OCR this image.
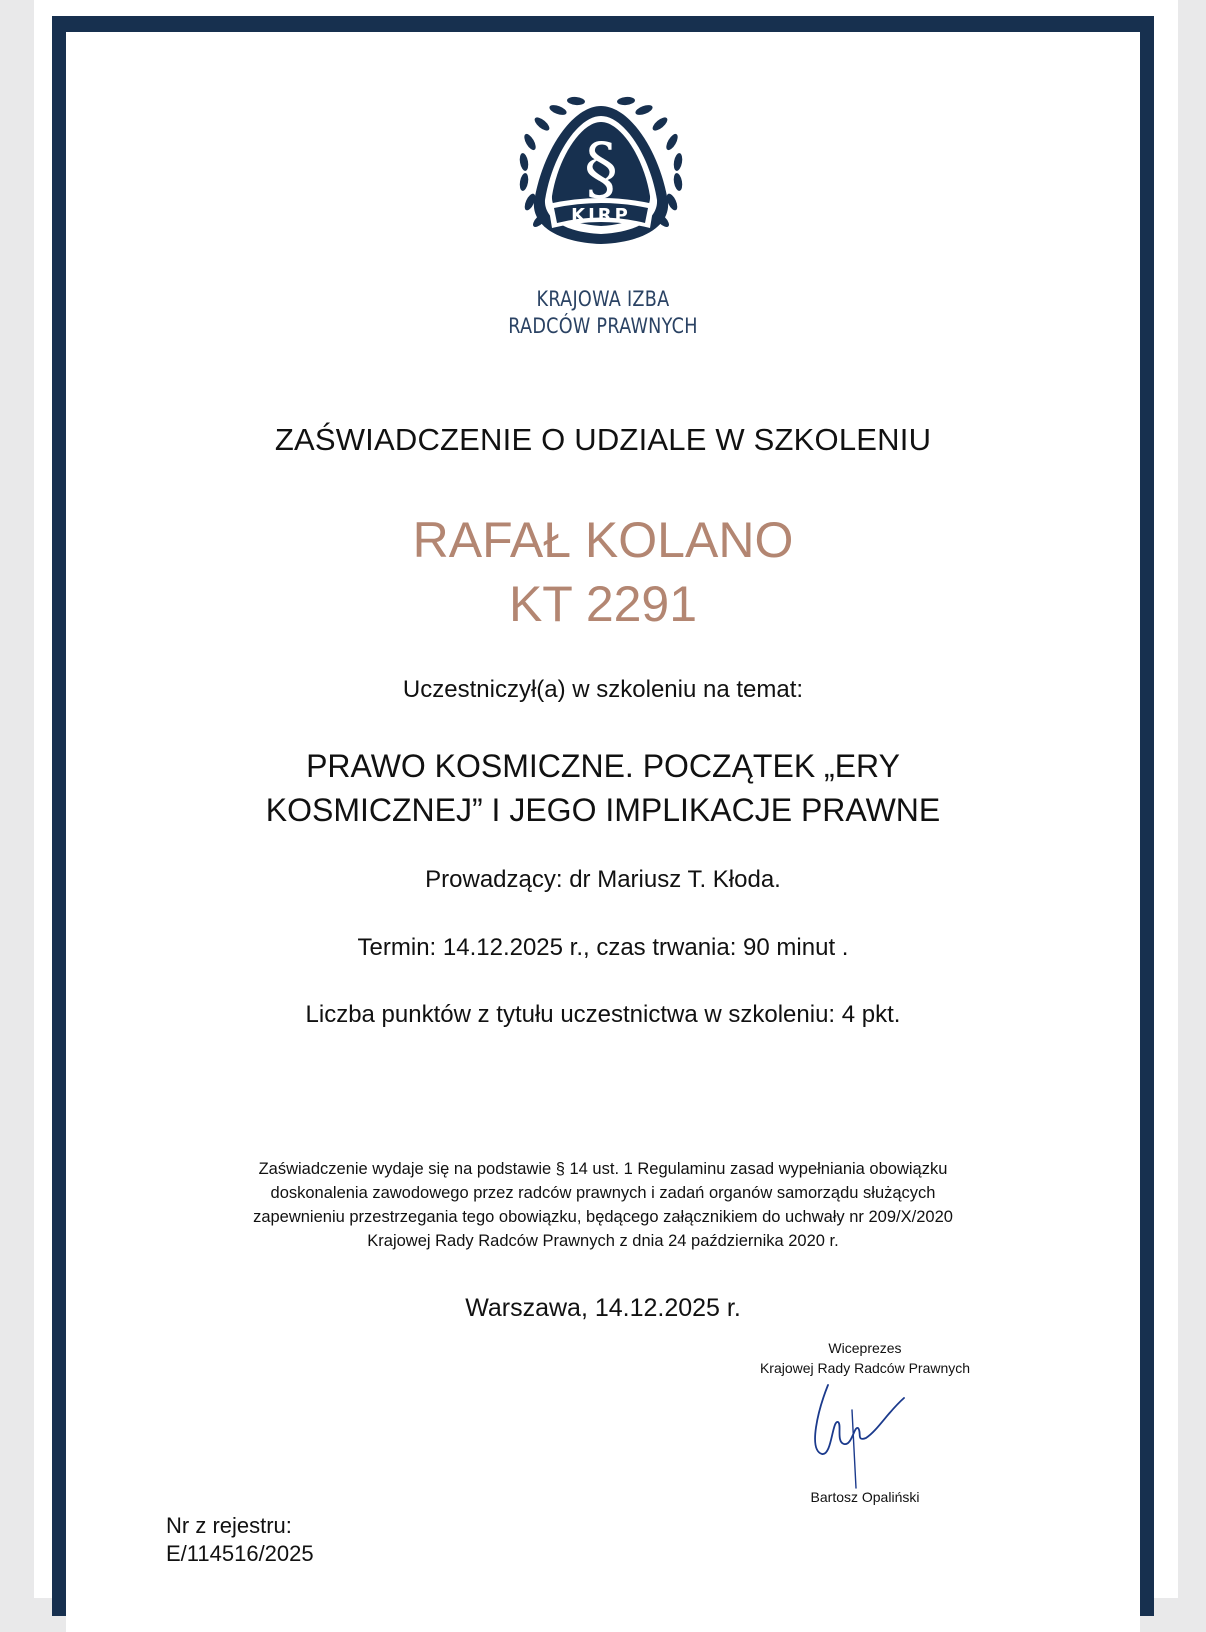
KIRP
§
KRAJOWA IZBA
RADCÓW PRAWNYCH
ZAŚWIADCZENIE O UDZIALE W SZKOLENIU
RAFAŁ KOLANO
KT 2291
Uczestniczył(a) w szkoleniu na temat:
PRAWO KOSMICZNE. POCZĄTEK „ERY
KOSMICZNEJ” I JEGO IMPLIKACJE PRAWNE
Prowadzący: dr Mariusz T. Kłoda.
Termin: 14.12.2025 r., czas trwania: 90 minut .
Liczba punktów z tytułu uczestnictwa w szkoleniu: 4 pkt.
Zaświadczenie wydaje się na podstawie § 14 ust. 1 Regulaminu zasad wypełniania obowiązku
doskonalenia zawodowego przez radców prawnych i zadań organów samorządu służących
zapewnieniu przestrzegania tego obowiązku, będącego załącznikiem do uchwały nr 209/X/2020
Krajowej Rady Radców Prawnych z dnia 24 października 2020 r.
Warszawa, 14.12.2025 r.
Wiceprezes
Krajowej Rady Radców Prawnych
Bartosz Opaliński
Nr z rejestru:
E/114516/2025
